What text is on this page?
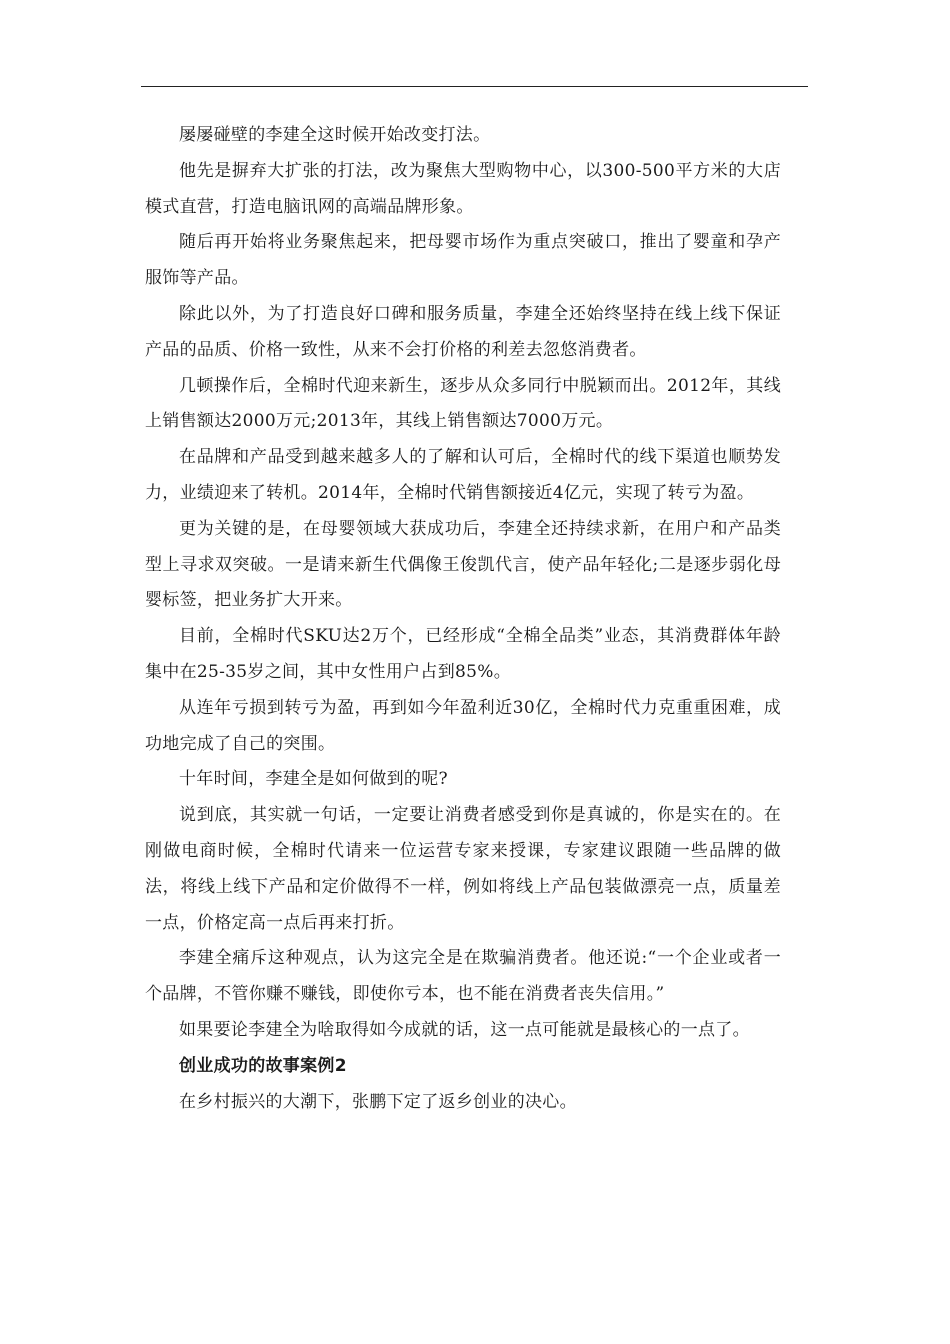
屡屡碰壁的李建全这时候开始改变打法。

他先是摒弃大扩张的打法，改为聚焦大型购物中心，以300-500平方米的大店模式直营，打造电脑讯网的高端品牌形象。

随后再开始将业务聚焦起来，把母婴市场作为重点突破口，推出了婴童和孕产服饰等产品。

除此以外，为了打造良好口碑和服务质量，李建全还始终坚持在线上线下保证产品的品质、价格一致性，从来不会打价格的利差去忽悠消费者。

几顿操作后，全棉时代迎来新生，逐步从众多同行中脱颖而出。2012年，其线上销售额达2000万元;2013年，其线上销售额达7000万元。

在品牌和产品受到越来越多人的了解和认可后，全棉时代的线下渠道也顺势发力，业绩迎来了转机。2014年，全棉时代销售额接近4亿元，实现了转亏为盈。

更为关键的是，在母婴领域大获成功后，李建全还持续求新，在用户和产品类型上寻求双突破。一是请来新生代偶像王俊凯代言，使产品年轻化;二是逐步弱化母婴标签，把业务扩大开来。

目前，全棉时代SKU达2万个，已经形成“全棉全品类”业态，其消费群体年龄集中在25-35岁之间，其中女性用户占到85%。

从连年亏损到转亏为盈，再到如今年盈利近30亿，全棉时代力克重重困难，成功地完成了自己的突围。

十年时间，李建全是如何做到的呢?

说到底，其实就一句话，一定要让消费者感受到你是真诚的，你是实在的。在刚做电商时候，全棉时代请来一位运营专家来授课，专家建议跟随一些品牌的做法，将线上线下产品和定价做得不一样，例如将线上产品包装做漂亮一点，质量差一点，价格定高一点后再来打折。

李建全痛斥这种观点，认为这完全是在欺骗消费者。他还说:“一个企业或者一个品牌，不管你赚不赚钱，即使你亏本，也不能在消费者丧失信用。”

如果要论李建全为啥取得如今成就的话，这一点可能就是最核心的一点了。

创业成功的故事案例2

在乡村振兴的大潮下，张鹏下定了返乡创业的决心。
